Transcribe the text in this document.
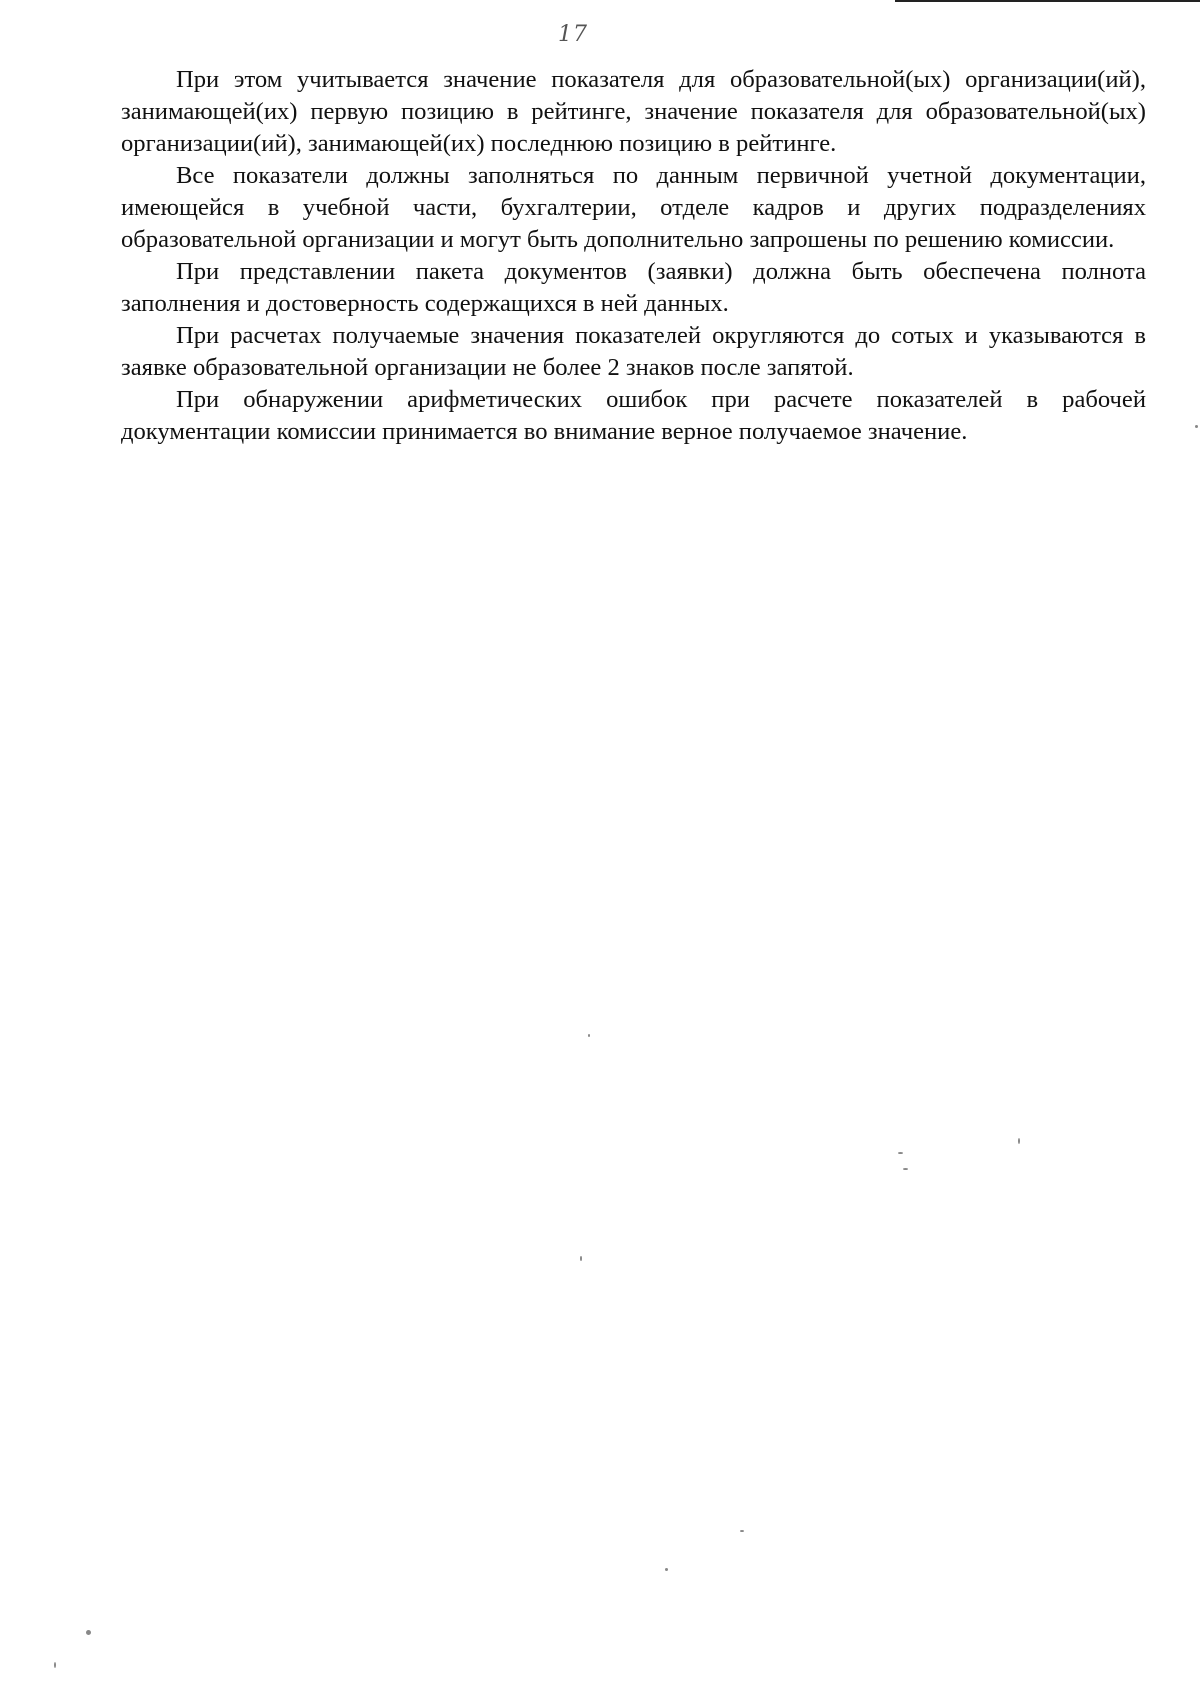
17

При этом учитывается значение показателя для образовательной(ых) организации(ий), занимающей(их) первую позицию в рейтинге, значение показателя для образовательной(ых) организации(ий), занимающей(их) последнюю позицию в рейтинге.

Все показатели должны заполняться по данным первичной учетной документации, имеющейся в учебной части, бухгалтерии, отделе кадров и других подразделениях образовательной организации и могут быть дополнительно запрошены по решению комиссии.

При представлении пакета документов (заявки) должна быть обеспечена полнота заполнения и достоверность содержащихся в ней данных.

При расчетах получаемые значения показателей округляются до сотых и указываются в заявке образовательной организации не более 2 знаков после запятой.

При обнаружении арифметических ошибок при расчете показателей в рабочей документации комиссии принимается во внимание верное получаемое значение.
